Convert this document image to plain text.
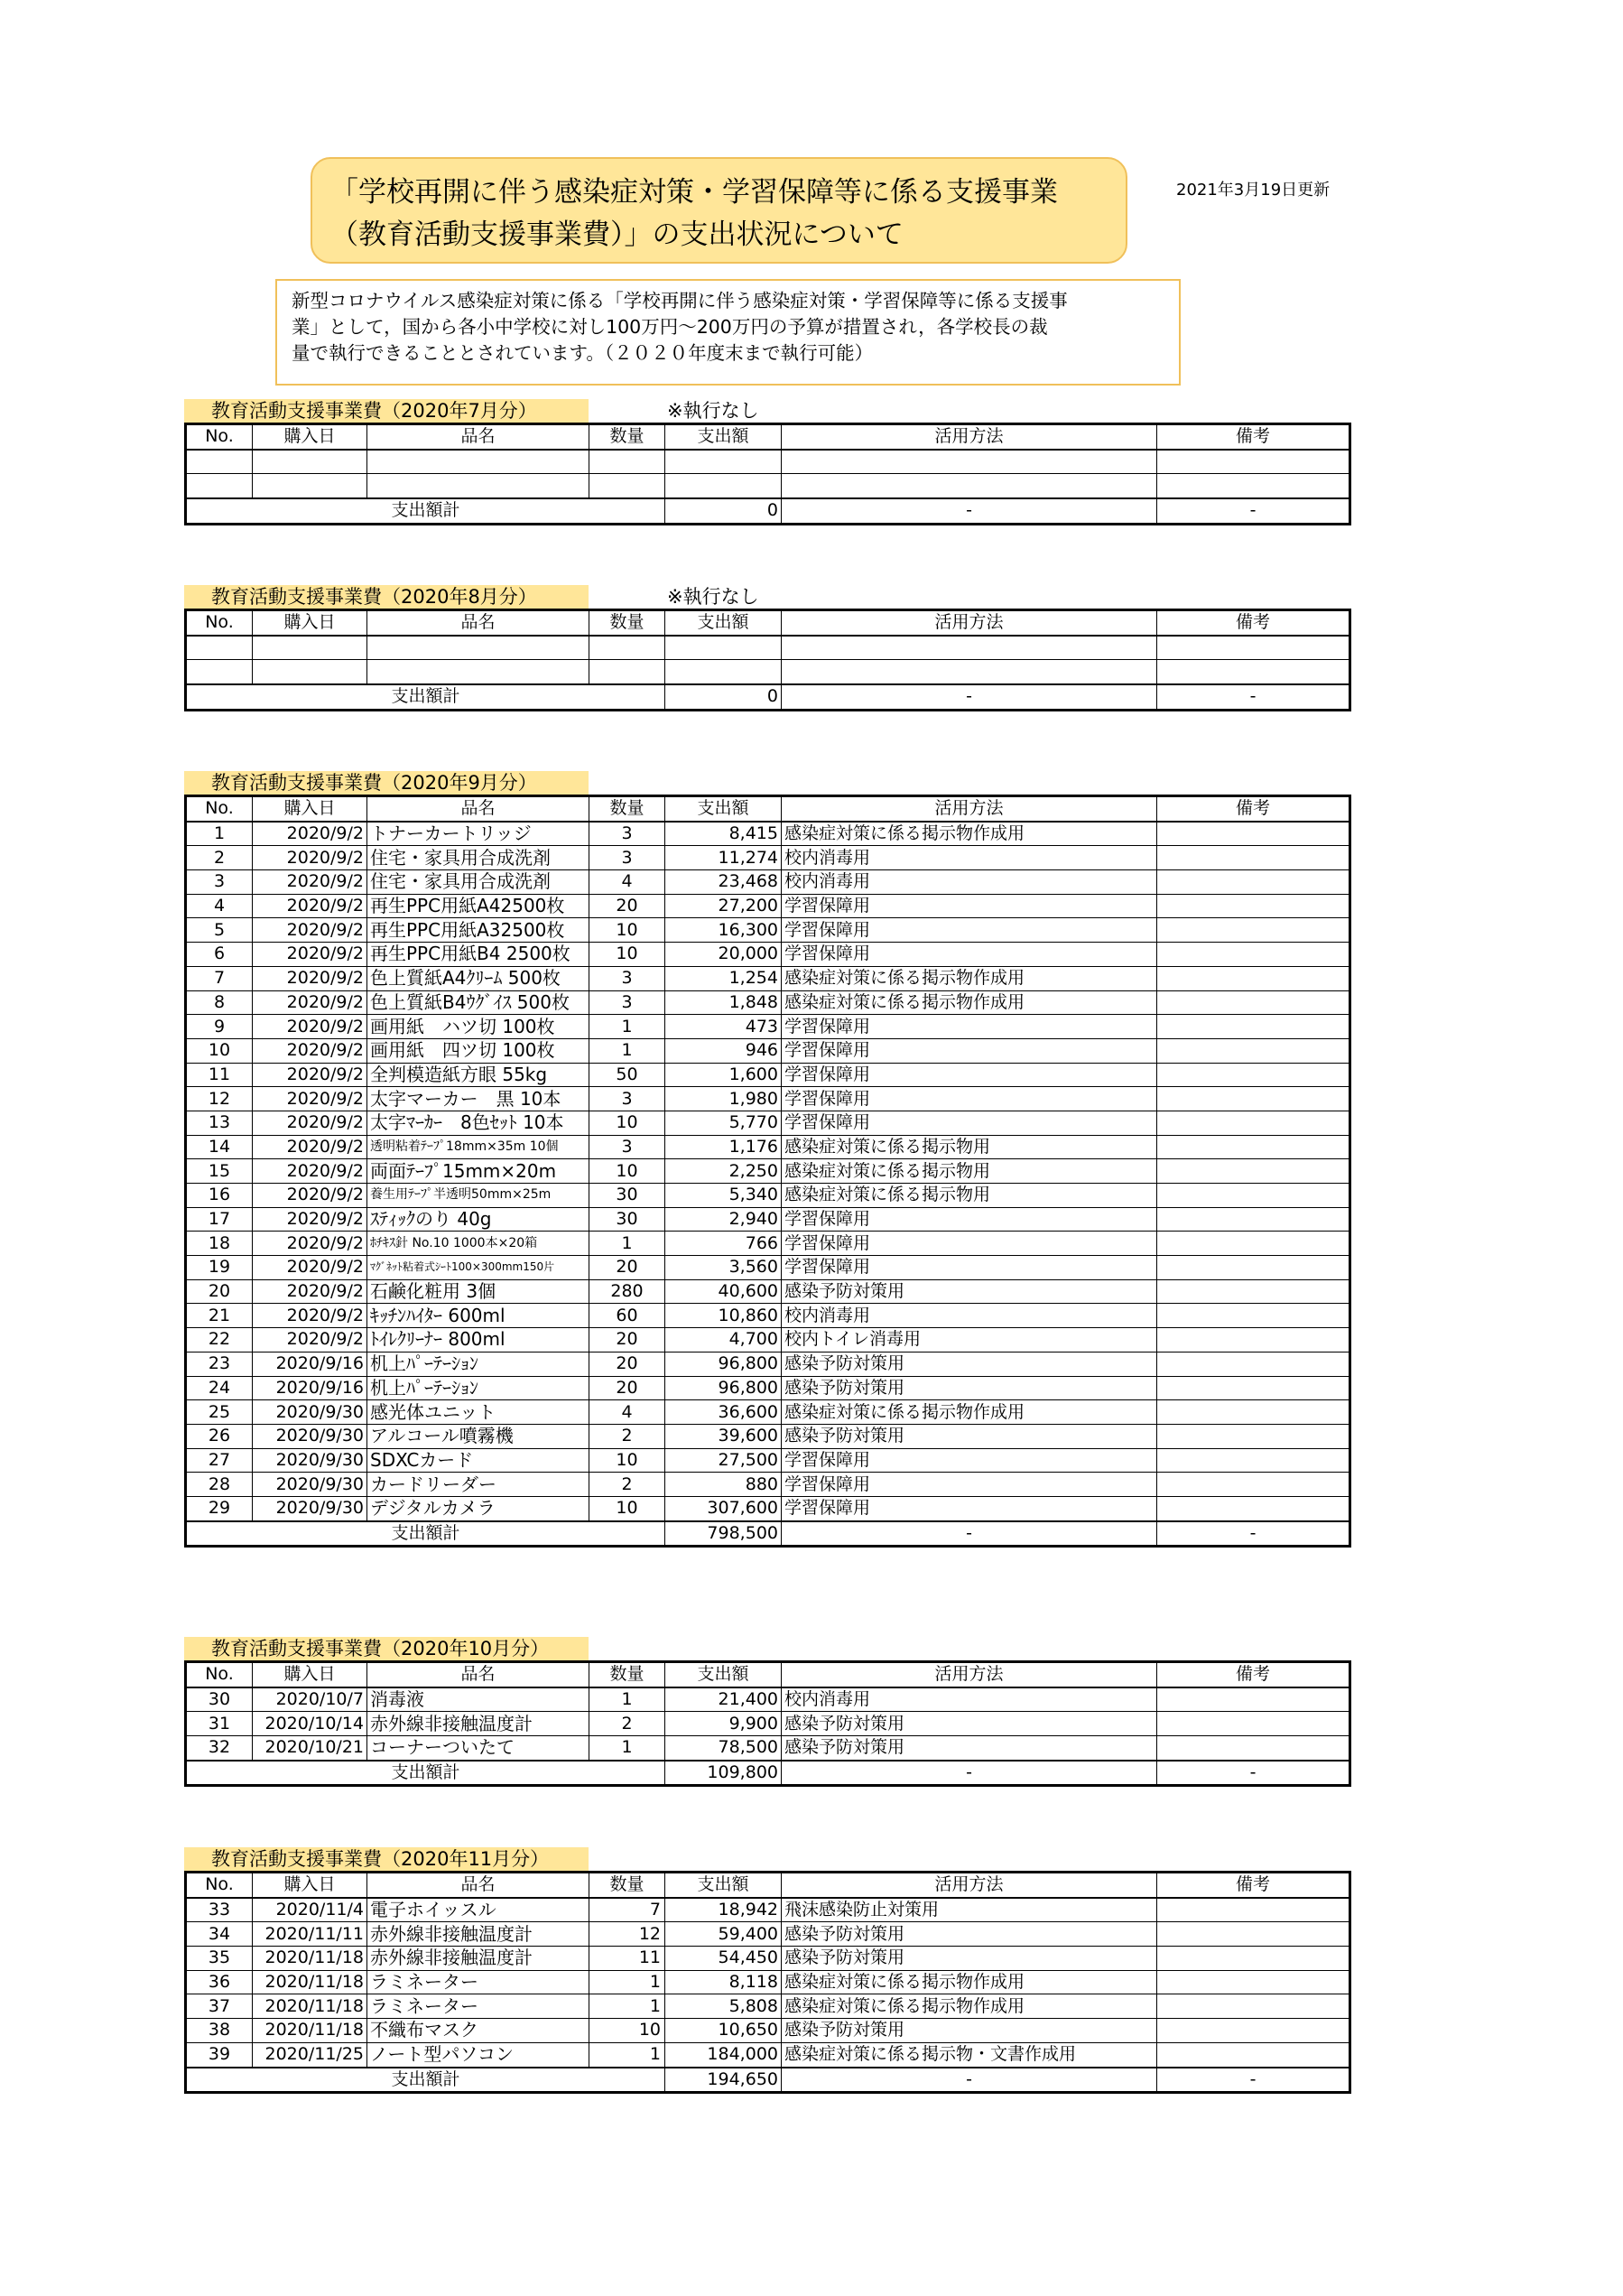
「学校再開に伴う感染症対策・学習保障等に係る支援事業
（教育活動支援事業費）」の支出状況について
2021年3月19日更新
新型コロナウイルス感染症対策に係る「学校再開に伴う感染症対策・学習保障等に係る支援事
業」として，国から各小中学校に対し100万円～200万円の予算が措置され，各学校長の裁
量で執行できることとされています。（２０２０年度末まで執行可能）
教育活動支援事業費（2020年7月分）	※執行なし
No.	購入日	品名	数量	支出額	活用方法	備考

支出額計				0	-	-
教育活動支援事業費（2020年8月分）	※執行なし
No.	購入日	品名	数量	支出額	活用方法	備考

支出額計				0	-	-
教育活動支援事業費（2020年9月分）
No.	購入日	品名	数量	支出額	活用方法	備考
1	2020/9/2	トナーカートリッジ	3	8,415	感染症対策に係る掲示物作成用	
2	2020/9/2	住宅・家具用合成洗剤	3	11,274	校内消毒用	
3	2020/9/2	住宅・家具用合成洗剤	4	23,468	校内消毒用	
4	2020/9/2	再生PPC用紙A42500枚	20	27,200	学習保障用	
5	2020/9/2	再生PPC用紙A32500枚	10	16,300	学習保障用	
6	2020/9/2	再生PPC用紙B4 2500枚	10	20,000	学習保障用	
7	2020/9/2	色上質紙A4ｸﾘｰﾑ 500枚	3	1,254	感染症対策に係る掲示物作成用	
8	2020/9/2	色上質紙B4ｳｸﾞｲｽ 500枚	3	1,848	感染症対策に係る掲示物作成用	
9	2020/9/2	画用紙　ハツ切 100枚	1	473	学習保障用	
10	2020/9/2	画用紙　四ツ切 100枚	1	946	学習保障用	
11	2020/9/2	全判模造紙方眼 55kg	50	1,600	学習保障用	
12	2020/9/2	太字マーカー　黒 10本	3	1,980	学習保障用	
13	2020/9/2	太字ﾏｰｶｰ　8色ｾｯﾄ 10本	10	5,770	学習保障用	
14	2020/9/2	透明粘着ﾃｰﾌﾟ18mm×35m 10個	3	1,176	感染症対策に係る掲示物用	
15	2020/9/2	両面ﾃｰﾌﾟ15mm×20m	10	2,250	感染症対策に係る掲示物用	
16	2020/9/2	養生用ﾃｰﾌﾟ半透明50mm×25m	30	5,340	感染症対策に係る掲示物用	
17	2020/9/2	ｽﾃｨｯｸのり 40g	30	2,940	学習保障用	
18	2020/9/2	ﾎﾁｷｽ針 No.10 1000本×20箱	1	766	学習保障用	
19	2020/9/2	ﾏｸﾞﾈｯﾄ粘着式ｼｰﾄ100×300mm150片	20	3,560	学習保障用	
20	2020/9/2	石鹸化粧用 3個	280	40,600	感染予防対策用	
21	2020/9/2	ｷｯﾁﾝﾊｲﾀｰ 600ml	60	10,860	校内消毒用	
22	2020/9/2	ﾄｲﾚｸﾘｰﾅｰ 800ml	20	4,700	校内トイレ消毒用	
23	2020/9/16	机上ﾊﾟｰﾃｰｼｮﾝ	20	96,800	感染予防対策用	
24	2020/9/16	机上ﾊﾟｰﾃｰｼｮﾝ	20	96,800	感染予防対策用	
25	2020/9/30	感光体ユニット	4	36,600	感染症対策に係る掲示物作成用	
26	2020/9/30	アルコール噴霧機	2	39,600	感染予防対策用	
27	2020/9/30	SDXCカード	10	27,500	学習保障用	
28	2020/9/30	カードリーダー	2	880	学習保障用	
29	2020/9/30	デジタルカメラ	10	307,600	学習保障用	
支出額計				798,500	-	-
教育活動支援事業費（2020年10月分）
No.	購入日	品名	数量	支出額	活用方法	備考
30	2020/10/7	消毒液	1	21,400	校内消毒用	
31	2020/10/14	赤外線非接触温度計	2	9,900	感染予防対策用	
32	2020/10/21	コーナーついたて	1	78,500	感染予防対策用	
支出額計				109,800	-	-
教育活動支援事業費（2020年11月分）
No.	購入日	品名	数量	支出額	活用方法	備考
33	2020/11/4	電子ホイッスル	7	18,942	飛沫感染防止対策用	
34	2020/11/11	赤外線非接触温度計	12	59,400	感染予防対策用	
35	2020/11/18	赤外線非接触温度計	11	54,450	感染予防対策用	
36	2020/11/18	ラミネーター	1	8,118	感染症対策に係る掲示物作成用	
37	2020/11/18	ラミネーター	1	5,808	感染症対策に係る掲示物作成用	
38	2020/11/18	不織布マスク	10	10,650	感染予防対策用	
39	2020/11/25	ノート型パソコン	1	184,000	感染症対策に係る掲示物・文書作成用	
支出額計				194,650	-	-
